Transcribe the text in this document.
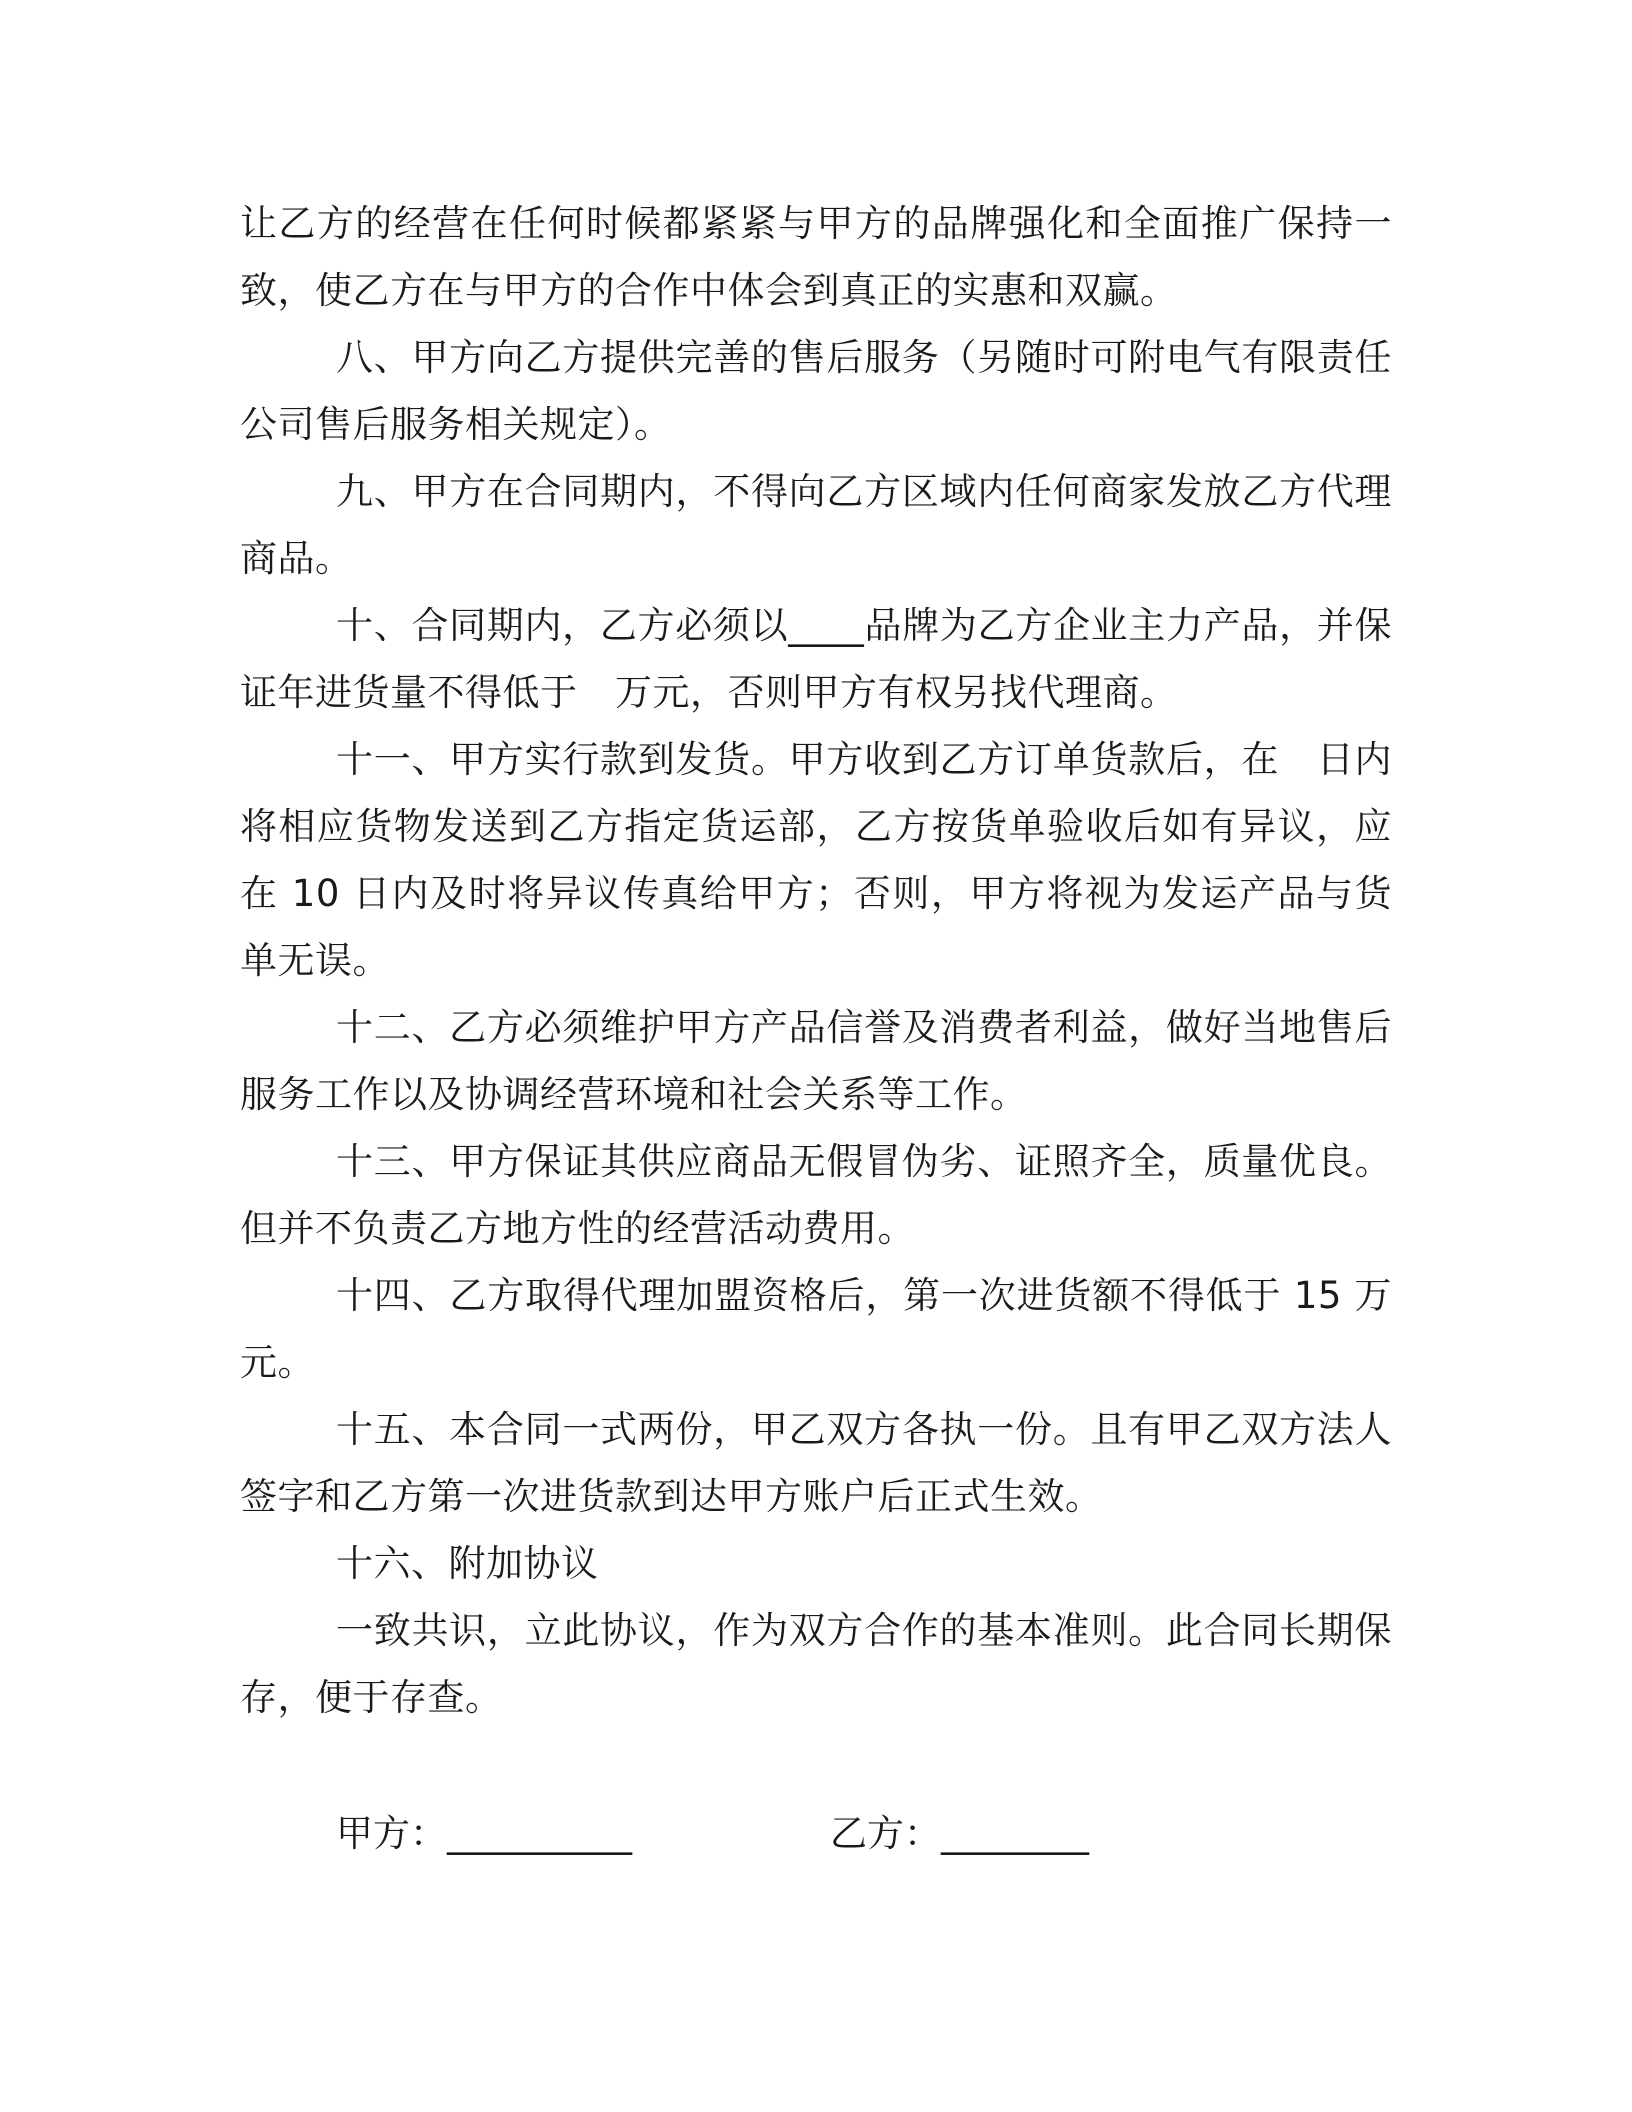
让乙方的经营在任何时候都紧紧与甲方的品牌强化和全面推广保持一致，使乙方在与甲方的合作中体会到真正的实惠和双赢。

八、甲方向乙方提供完善的售后服务（另随时可附电气有限责任公司售后服务相关规定）。

九、甲方在合同期内，不得向乙方区域内任何商家发放乙方代理商品。

十、合同期内，乙方必须以____品牌为乙方企业主力产品，并保证年进货量不得低于　万元，否则甲方有权另找代理商。

十一、甲方实行款到发货。甲方收到乙方订单货款后，在　日内将相应货物发送到乙方指定货运部，乙方按货单验收后如有异议，应在 10 日内及时将异议传真给甲方；否则，甲方将视为发运产品与货单无误。

十二、乙方必须维护甲方产品信誉及消费者利益，做好当地售后服务工作以及协调经营环境和社会关系等工作。

十三、甲方保证其供应商品无假冒伪劣、证照齐全，质量优良。但并不负责乙方地方性的经营活动费用。

十四、乙方取得代理加盟资格后，第一次进货额不得低于 15 万元。

十五、本合同一式两份，甲乙双方各执一份。且有甲乙双方法人签字和乙方第一次进货款到达甲方账户后正式生效。

十六、附加协议

一致共识，立此协议，作为双方合作的基本准则。此合同长期保存，便于存查。

甲方：__________	乙方：________
